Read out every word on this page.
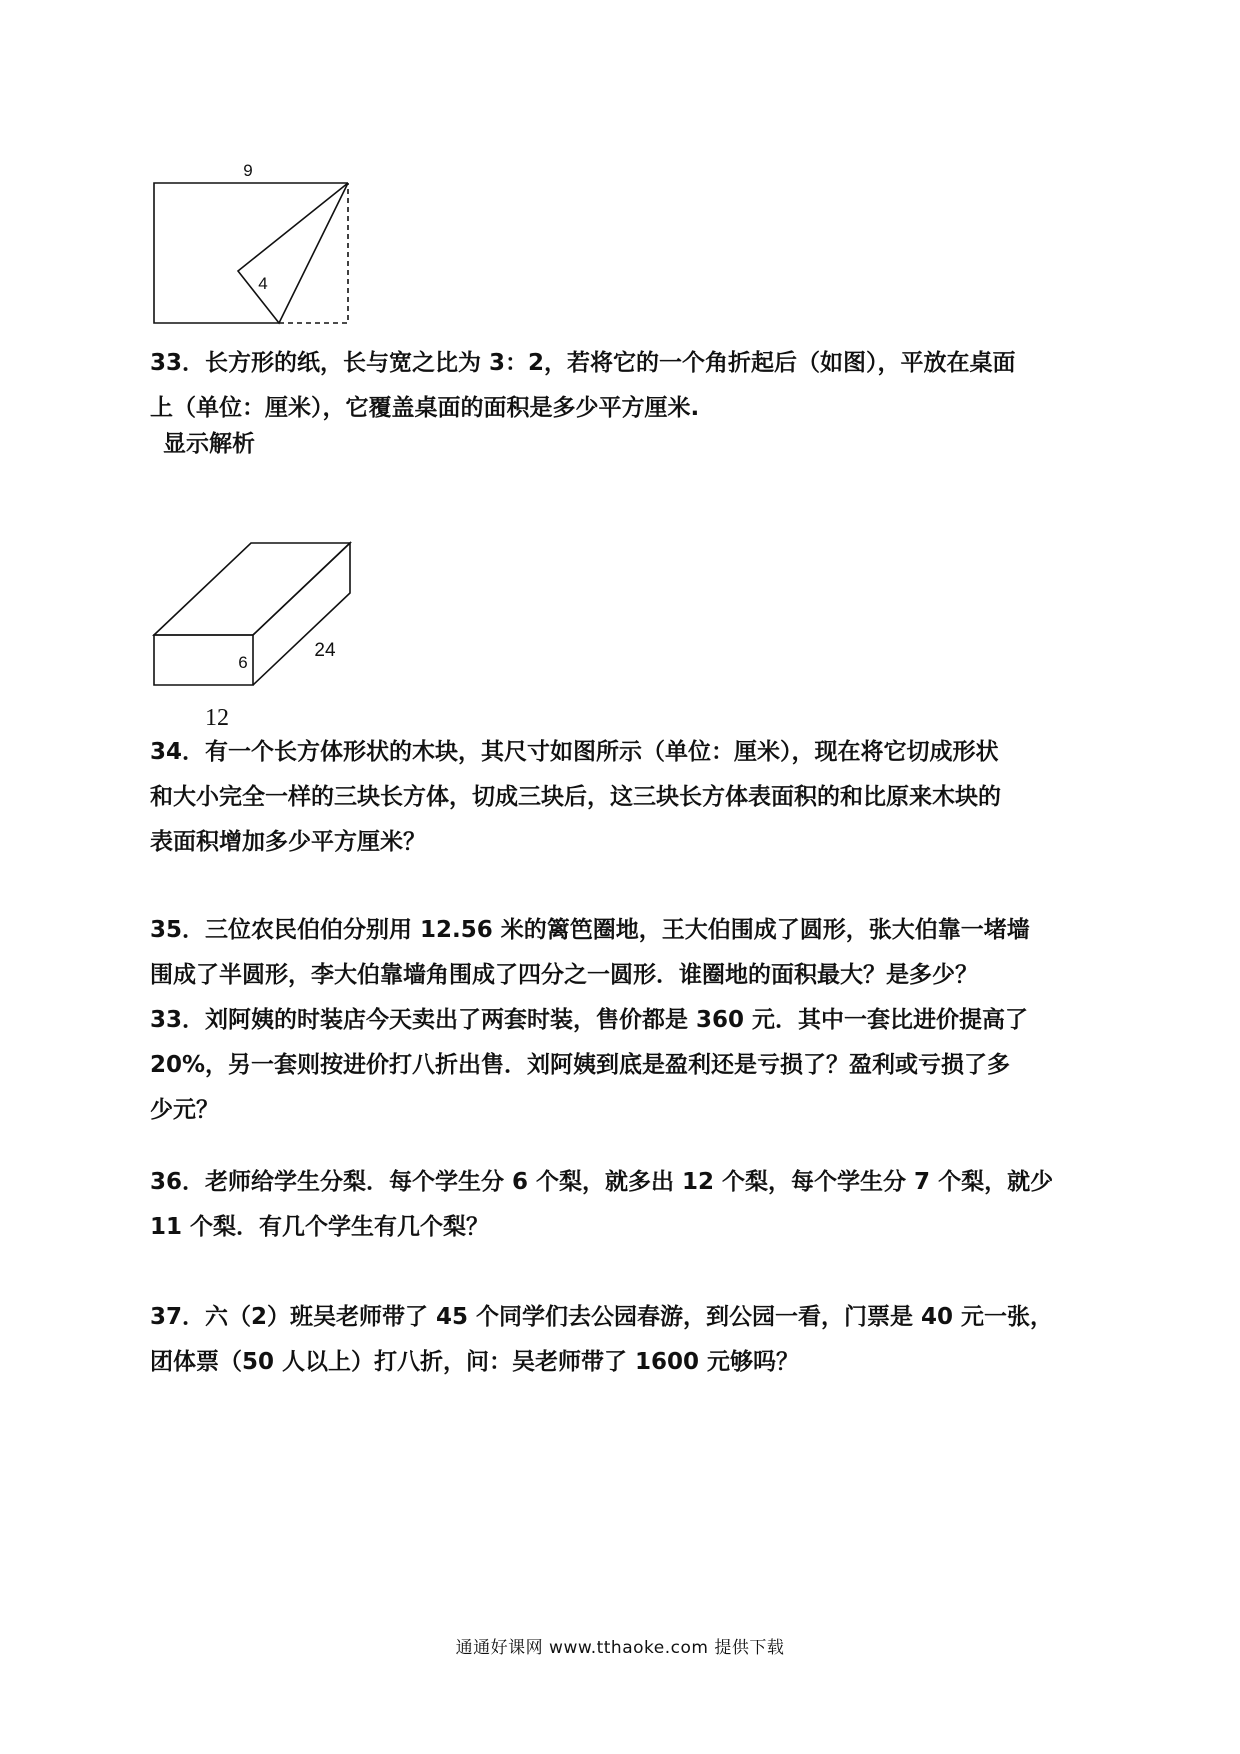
9
4
33．长方形的纸，长与宽之比为 3：2，若将它的一个角折起后（如图），平放在桌面
上（单位：厘米），它覆盖桌面的面积是多少平方厘米.
显示解析
6
24
12
34．有一个长方体形状的木块，其尺寸如图所示（单位：厘米），现在将它切成形状
和大小完全一样的三块长方体，切成三块后，这三块长方体表面积的和比原来木块的
表面积增加多少平方厘米？
35．三位农民伯伯分别用 12.56 米的篱笆圈地，王大伯围成了圆形，张大伯靠一堵墙
围成了半圆形，李大伯靠墙角围成了四分之一圆形．谁圈地的面积最大？是多少？
33．刘阿姨的时装店今天卖出了两套时装，售价都是 360 元．其中一套比进价提高了
20%，另一套则按进价打八折出售．刘阿姨到底是盈利还是亏损了？盈利或亏损了多
少元？
36．老师给学生分梨．每个学生分 6 个梨，就多出 12 个梨，每个学生分 7 个梨，就少
11 个梨．有几个学生有几个梨？
37．六（2）班吴老师带了 45 个同学们去公园春游，到公园一看，门票是 40 元一张，
团体票（50 人以上）打八折，问：吴老师带了 1600 元够吗？
通通好课网 www.tthaoke.com 提供下载
